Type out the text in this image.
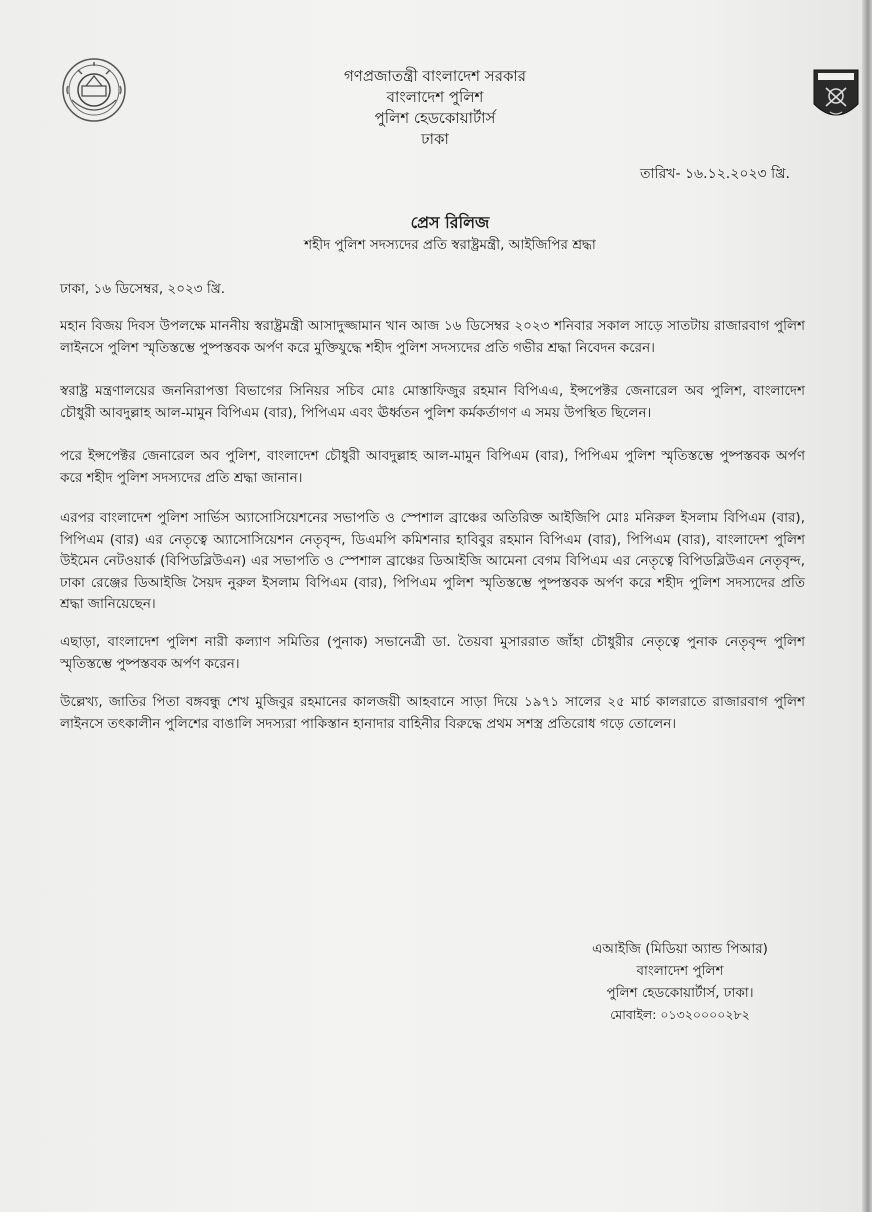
গণপ্রজাতন্ত্রী বাংলাদেশ সরকার
বাংলাদেশ পুলিশ
পুলিশ হেডকোয়ার্টার্স
ঢাকা
তারিখ- ১৬.১২.২০২৩ খ্রি.
প্রেস রিলিজ
শহীদ পুলিশ সদস্যদের প্রতি স্বরাষ্ট্রমন্ত্রী, আইজিপির শ্রদ্ধা
ঢাকা, ১৬ ডিসেম্বর, ২০২৩ খ্রি.
মহান বিজয় দিবস উপলক্ষে মাননীয় স্বরাষ্ট্রমন্ত্রী আসাদুজ্জামান খান আজ ১৬ ডিসেম্বর ২০২৩ শনিবার সকাল সাড়ে সাতটায় রাজারবাগ পুলিশ লাইনসে পুলিশ স্মৃতিস্তম্ভে পুষ্পস্তবক অর্পণ করে মুক্তিযুদ্ধে শহীদ পুলিশ সদস্যদের প্রতি গভীর শ্রদ্ধা নিবেদন করেন।
স্বরাষ্ট্র মন্ত্রণালয়ের জননিরাপত্তা বিভাগের সিনিয়র সচিব মোঃ মোস্তাফিজুর রহমান বিপিএএ, ইন্সপেক্টর জেনারেল অব পুলিশ, বাংলাদেশ চৌধুরী আবদুল্লাহ আল-মামুন বিপিএম (বার), পিপিএম এবং ঊর্ধ্বতন পুলিশ কর্মকর্তাগণ এ সময় উপস্থিত ছিলেন।
পরে ইন্সপেক্টর জেনারেল অব পুলিশ, বাংলাদেশ চৌধুরী আবদুল্লাহ আল-মামুন বিপিএম (বার), পিপিএম পুলিশ স্মৃতিস্তম্ভে পুষ্পস্তবক অর্পণ করে শহীদ পুলিশ সদস্যদের প্রতি শ্রদ্ধা জানান।
এরপর বাংলাদেশ পুলিশ সার্ভিস অ্যাসোসিয়েশনের সভাপতি ও স্পেশাল ব্রাঞ্চের অতিরিক্ত আইজিপি মোঃ মনিরুল ইসলাম বিপিএম (বার), পিপিএম (বার) এর নেতৃত্বে অ্যাসোসিয়েশন নেতৃবৃন্দ, ডিএমপি কমিশনার হাবিবুর রহমান বিপিএম (বার), পিপিএম (বার), বাংলাদেশ পুলিশ উইমেন নেটওয়ার্ক (বিপিডব্লিউএন) এর সভাপতি ও স্পেশাল ব্রাঞ্চের ডিআইজি আমেনা বেগম বিপিএম এর নেতৃত্বে বিপিডব্লিউএন নেতৃবৃন্দ, ঢাকা রেঞ্জের ডিআইজি সৈয়দ নুরুল ইসলাম বিপিএম (বার), পিপিএম পুলিশ স্মৃতিস্তম্ভে পুষ্পস্তবক অর্পণ করে শহীদ পুলিশ সদস্যদের প্রতি শ্রদ্ধা জানিয়েছেন।
এছাড়া, বাংলাদেশ পুলিশ নারী কল্যাণ সমিতির (পুনাক) সভানেত্রী ডা. তৈয়বা মুসাররাত জাঁহা চৌধুরীর নেতৃত্বে পুনাক নেতৃবৃন্দ পুলিশ স্মৃতিস্তম্ভে পুষ্পস্তবক অর্পণ করেন।
উল্লেখ্য, জাতির পিতা বঙ্গবন্ধু শেখ মুজিবুর রহমানের কালজয়ী আহবানে সাড়া দিয়ে ১৯৭১ সালের ২৫ মার্চ কালরাতে রাজারবাগ পুলিশ লাইনসে তৎকালীন পুলিশের বাঙালি সদস্যরা পাকিস্তান হানাদার বাহিনীর বিরুদ্ধে প্রথম সশস্ত্র প্রতিরোধ গড়ে তোলেন।
এআইজি (মিডিয়া অ্যান্ড পিআর)
বাংলাদেশ পুলিশ
পুলিশ হেডকোয়ার্টার্স, ঢাকা।
মোবাইল: ০১৩২০০০০২৮২
